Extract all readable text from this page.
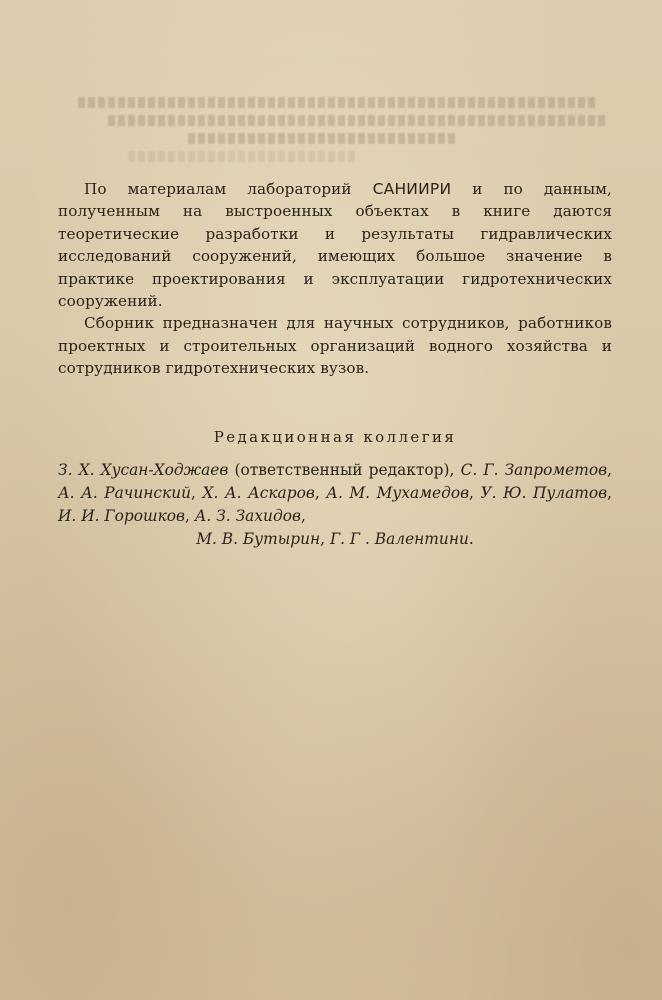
По материалам лабораторий САНИИРИ и по данным, полученным на выстроенных объектах в книге даются теоретические разработки и результаты гидравлических исследований сооружений, имеющих большое значение в практике проектирования и эксплуатации гидротехнических сооружений.

Сборник предназначен для научных сотрудников, работников проектных и строительных организаций водного хозяйства и сотрудников гидротехнических вузов.

Редакционная коллегия
З. Х. Хусан-Ходжаев (ответственный редактор), С. Г. Запрометов, А. А. Рачинский, Х. А. Аскаров, А. М. Мухамедов, У. Ю. Пулатов, И. И. Горошков, А. З. Захидов,
М. В. Бутырин, Г. Г . Валентини.
